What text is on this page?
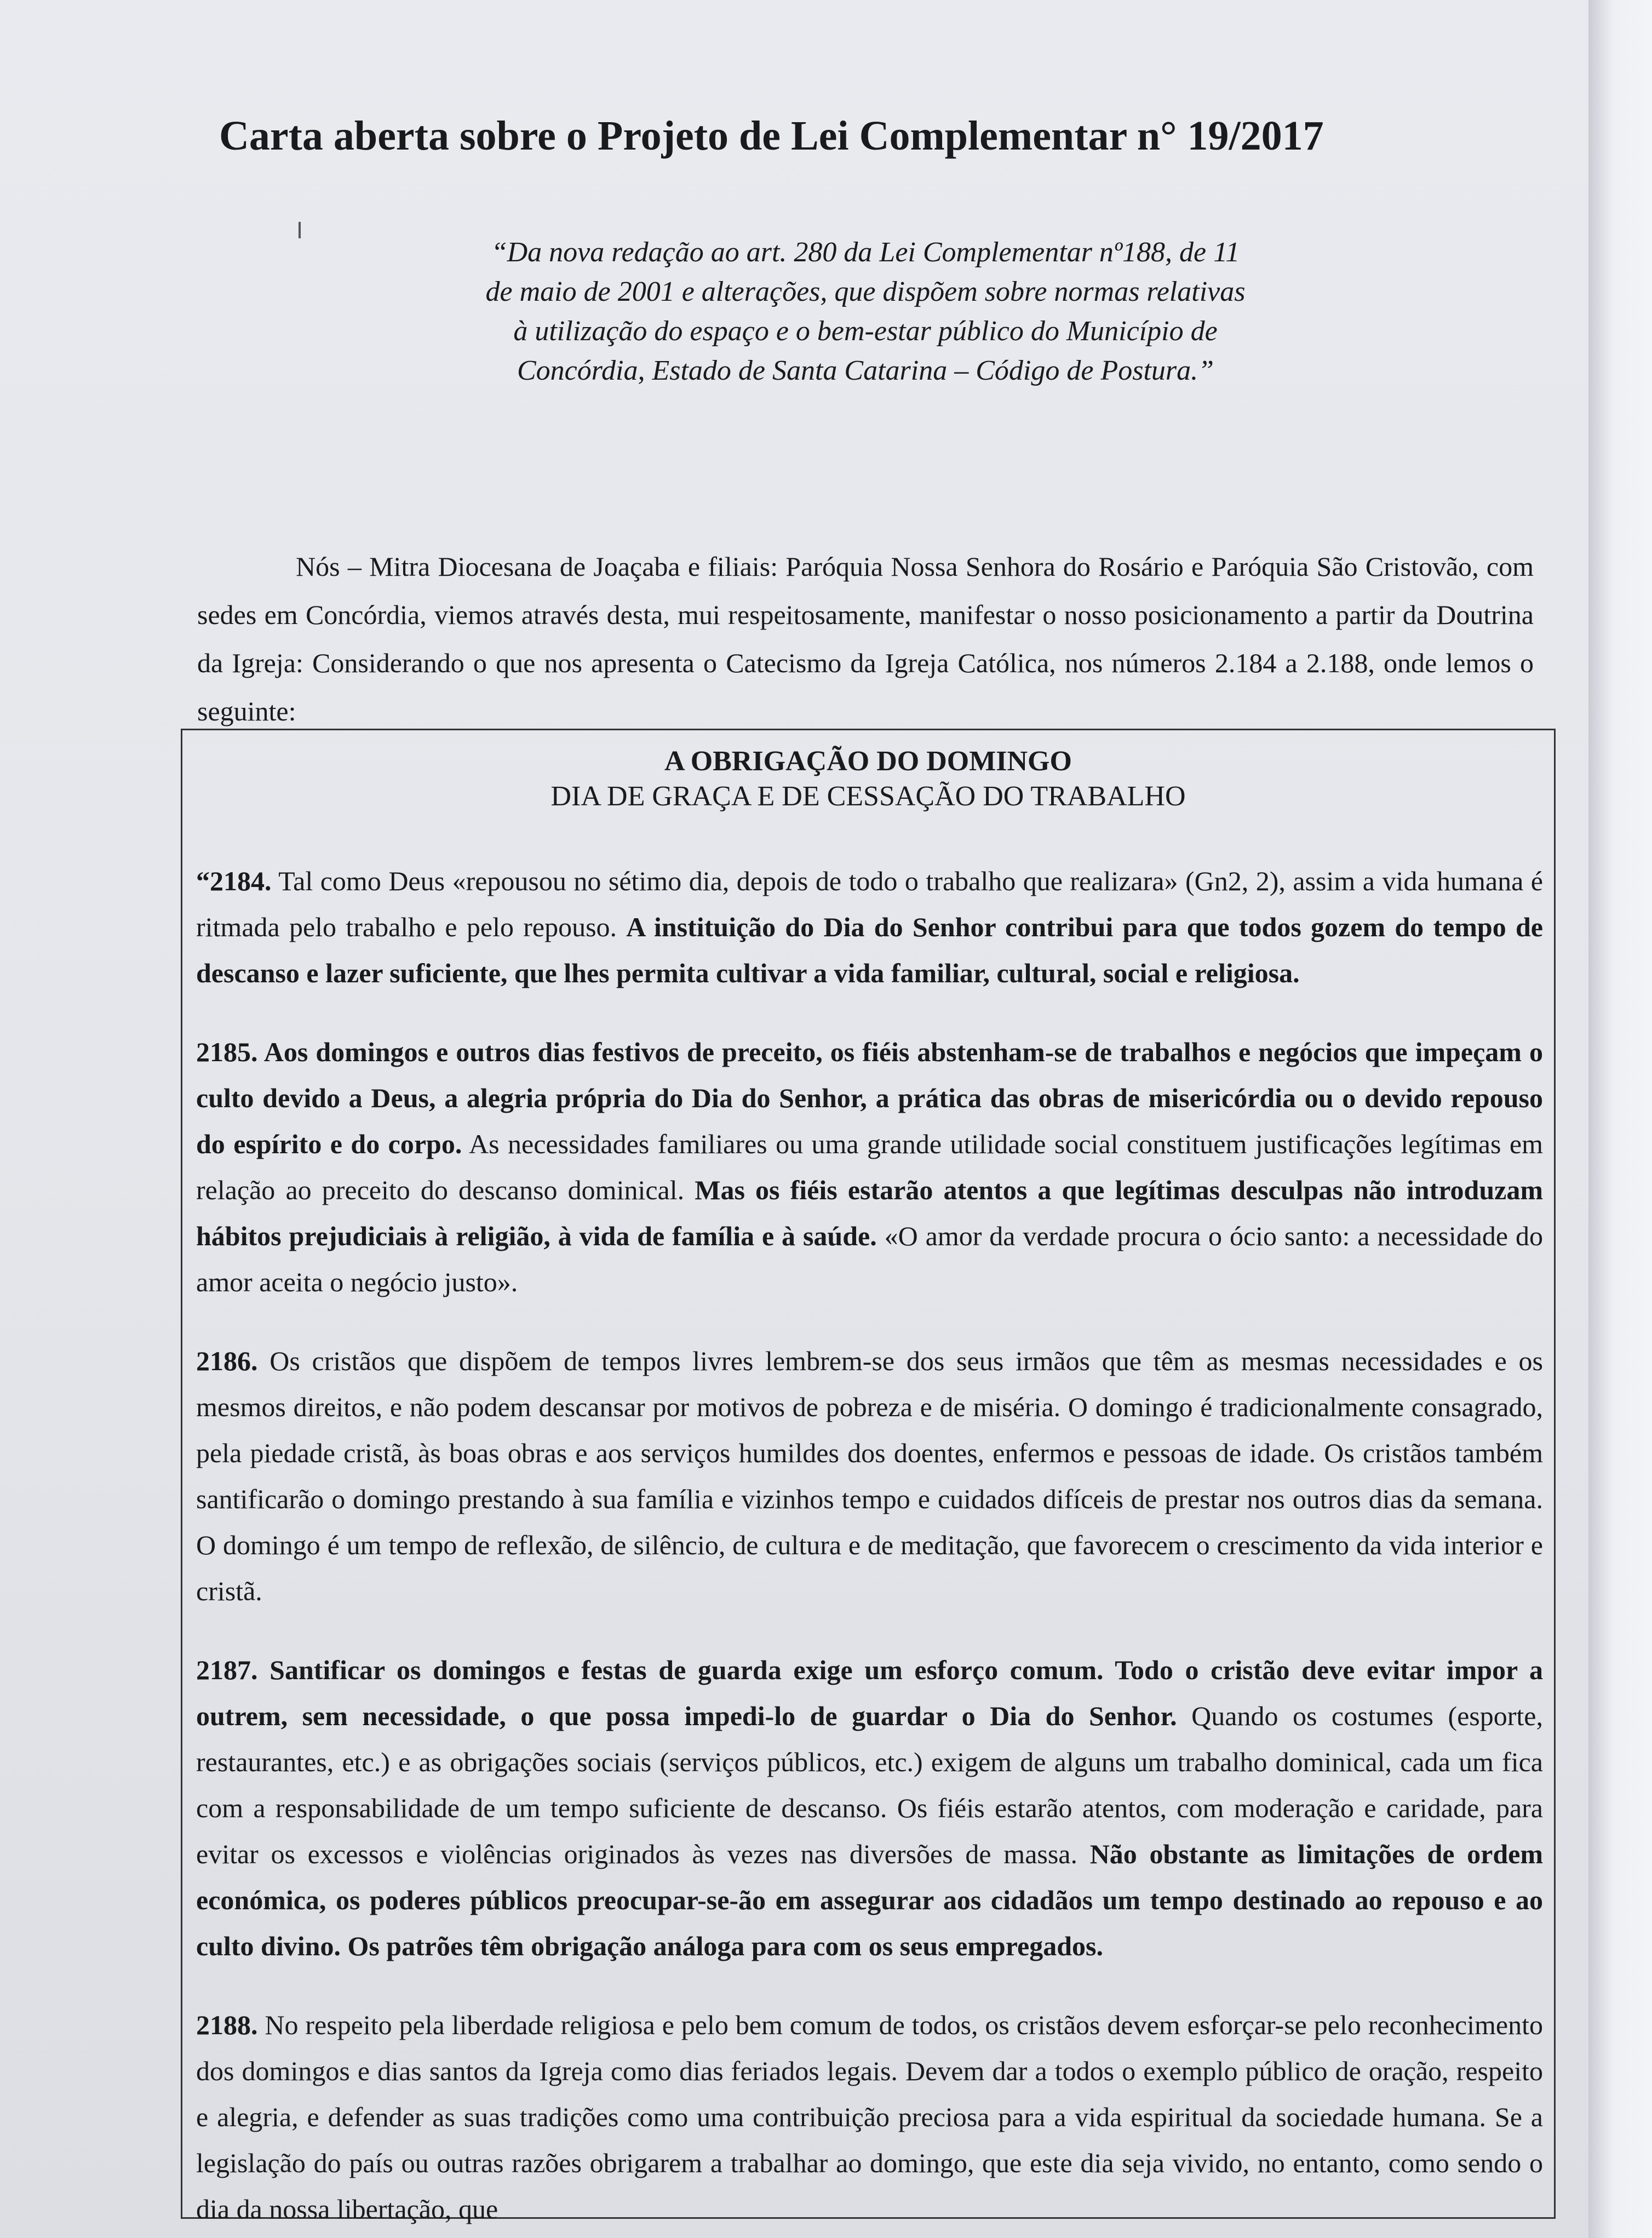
Carta aberta sobre o Projeto de Lei Complementar n° 19/2017
“Da nova redação ao art. 280 da Lei Complementar nº188, de 11 de maio de 2001 e alterações, que dispõem sobre normas relativas à utilização do espaço e o bem-estar público do Município de Concórdia, Estado de Santa Catarina – Código de Postura.”
Nós – Mitra Diocesana de Joaçaba e filiais: Paróquia Nossa Senhora do Rosário e Paróquia São Cristovão, com sedes em Concórdia, viemos através desta, mui respeitosamente, manifestar o nosso posicionamento a partir da Doutrina da Igreja: Considerando o que nos apresenta o Catecismo da Igreja Católica, nos números 2.184 a 2.188, onde lemos o seguinte:
A OBRIGAÇÃO DO DOMINGO
DIA DE GRAÇA E DE CESSAÇÃO DO TRABALHO

“2184. Tal como Deus «repousou no sétimo dia, depois de todo o trabalho que realizara» (Gn2, 2), assim a vida humana é ritmada pelo trabalho e pelo repouso. A instituição do Dia do Senhor contribui para que todos gozem do tempo de descanso e lazer suficiente, que lhes permita cultivar a vida familiar, cultural, social e religiosa.

2185. Aos domingos e outros dias festivos de preceito, os fiéis abstenham-se de trabalhos e negócios que impeçam o culto devido a Deus, a alegria própria do Dia do Senhor, a prática das obras de misericórdia ou o devido repouso do espírito e do corpo. As necessidades familiares ou uma grande utilidade social constituem justificações legítimas em relação ao preceito do descanso dominical. Mas os fiéis estarão atentos a que legítimas desculpas não introduzam hábitos prejudiciais à religião, à vida de família e à saúde. «O amor da verdade procura o ócio santo: a necessidade do amor aceita o negócio justo».

2186. Os cristãos que dispõem de tempos livres lembrem-se dos seus irmãos que têm as mesmas necessidades e os mesmos direitos, e não podem descansar por motivos de pobreza e de miséria. O domingo é tradicionalmente consagrado, pela piedade cristã, às boas obras e aos serviços humildes dos doentes, enfermos e pessoas de idade. Os cristãos também santificarão o domingo prestando à sua família e vizinhos tempo e cuidados difíceis de prestar nos outros dias da semana. O domingo é um tempo de reflexão, de silêncio, de cultura e de meditação, que favorecem o crescimento da vida interior e cristã.

2187. Santificar os domingos e festas de guarda exige um esforço comum. Todo o cristão deve evitar impor a outrem, sem necessidade, o que possa impedi-lo de guardar o Dia do Senhor. Quando os costumes (esporte, restaurantes, etc.) e as obrigações sociais (serviços públicos, etc.) exigem de alguns um trabalho dominical, cada um fica com a responsabilidade de um tempo suficiente de descanso. Os fiéis estarão atentos, com moderação e caridade, para evitar os excessos e violências originados às vezes nas diversões de massa. Não obstante as limitações de ordem económica, os poderes públicos preocupar-se-ão em assegurar aos cidadãos um tempo destinado ao repouso e ao culto divino. Os patrões têm obrigação análoga para com os seus empregados.

2188. No respeito pela liberdade religiosa e pelo bem comum de todos, os cristãos devem esforçar-se pelo reconhecimento dos domingos e dias santos da Igreja como dias feriados legais. Devem dar a todos o exemplo público de oração, respeito e alegria, e defender as suas tradições como uma contribuição preciosa para a vida espiritual da sociedade humana. Se a legislação do país ou outras razões obrigarem a trabalhar ao domingo, que este dia seja vivido, no entanto, como sendo o dia da nossa libertação, que
